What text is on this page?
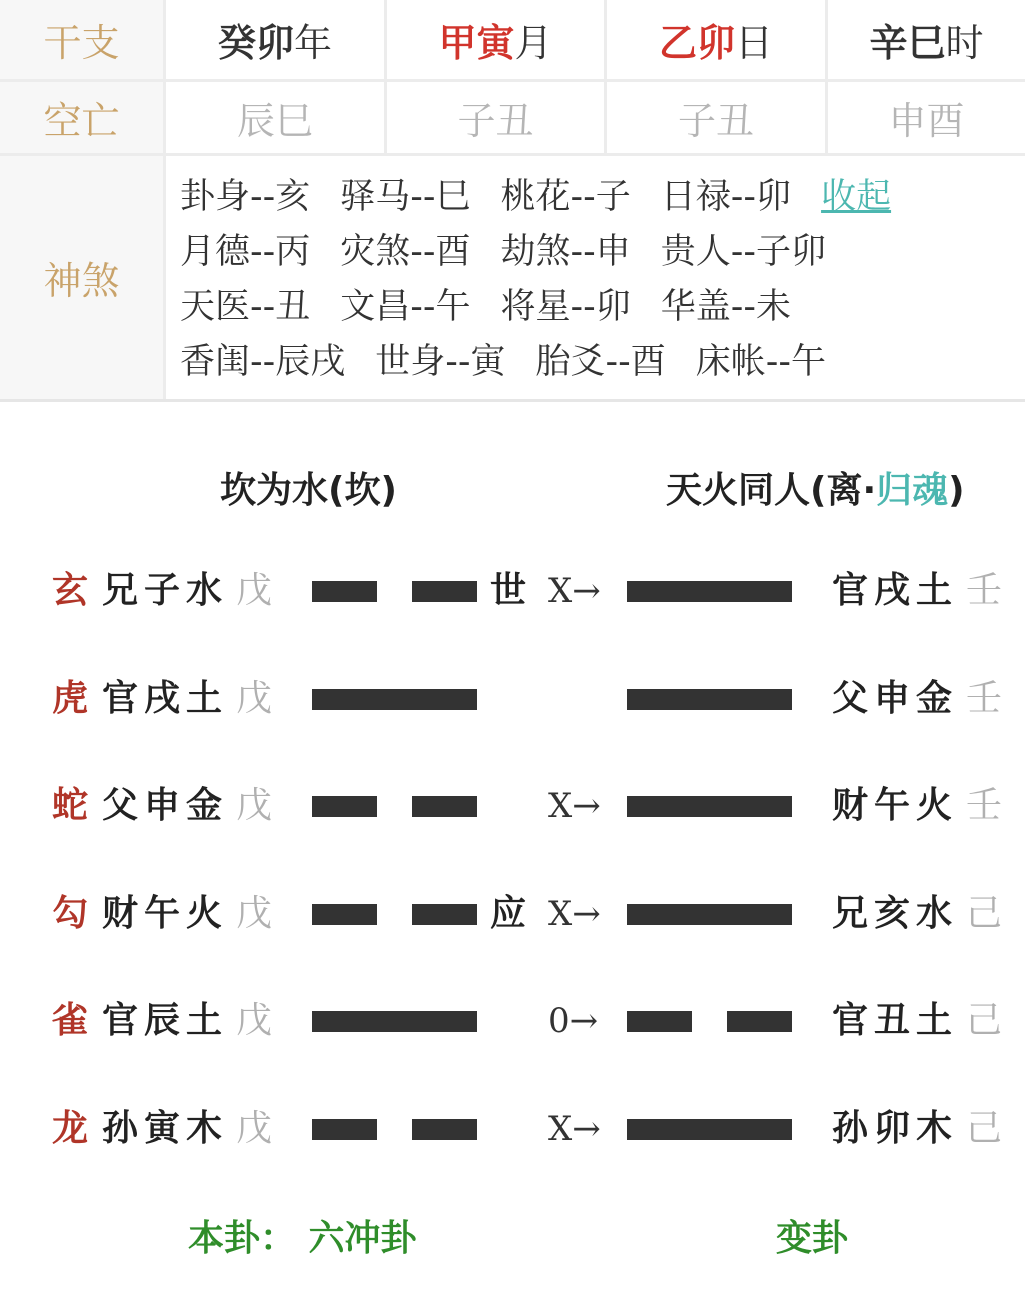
干支	癸卯 年	甲寅 月	乙卯 日	辛巳 时
空亡	辰巳	子丑	子丑	申酉
神煞
卦身--亥 驿马--巳 桃花--子 日禄--卯 收起
月德--丙 灾煞--酉 劫煞--申 贵人--子卯
天医--丑 文昌--午 将星--卯 华盖--未
香闺--辰戌 世身--寅 胎爻--酉 床帐--午
坎为水(坎)	天火同人(离·归魂)
玄 兄子水 戊	世 X→	官戌土 壬
虎 官戌土 戊	父申金 壬
蛇 父申金 戊	X→	财午火 壬
勾 财午火 戊	应 X→	兄亥水 己
雀 官辰土 戊	0→	官丑土 己
龙 孙寅木 戊	X→	孙卯木 己
本卦： 六冲卦	变卦
